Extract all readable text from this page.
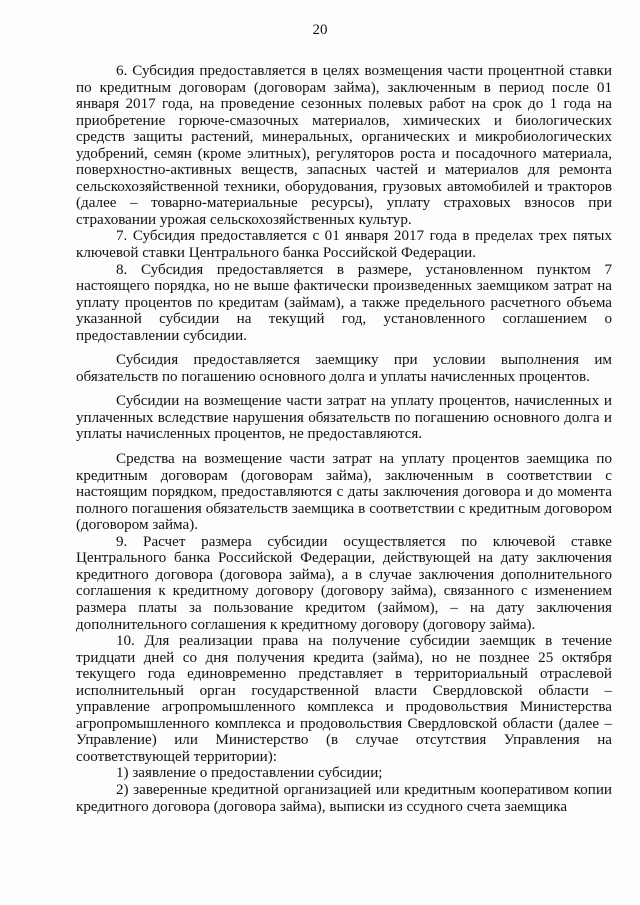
20

6. Субсидия предоставляется в целях возмещения части процентной ставки по кредитным договорам (договорам займа), заключенным в период после 01 января 2017 года, на проведение сезонных полевых работ на срок до 1 года на приобретение горюче-смазочных материалов, химических и биологических средств защиты растений, минеральных, органических и микробиологических удобрений, семян (кроме элитных), регуляторов роста и посадочного материала, поверхностно-активных веществ, запасных частей и материалов для ремонта сельскохозяйственной техники, оборудования, грузовых автомобилей и тракторов (далее – товарно-материальные ресурсы), уплату страховых взносов при страховании урожая сельскохозяйственных культур.

7. Субсидия предоставляется с 01 января 2017 года в пределах трех пятых ключевой ставки Центрального банка Российской Федерации.

8. Субсидия предоставляется в размере, установленном пунктом 7 настоящего порядка, но не выше фактически произведенных заемщиком затрат на уплату процентов по кредитам (займам), а также предельного расчетного объема указанной субсидии на текущий год, установленного соглашением о предоставлении субсидии.

Субсидия предоставляется заемщику при условии выполнения им обязательств по погашению основного долга и уплаты начисленных процентов.

Субсидии на возмещение части затрат на уплату процентов, начисленных и уплаченных вследствие нарушения обязательств по погашению основного долга и уплаты начисленных процентов, не предоставляются.

Средства на возмещение части затрат на уплату процентов заемщика по кредитным договорам (договорам займа), заключенным в соответствии с настоящим порядком, предоставляются с даты заключения договора и до момента полного погашения обязательств заемщика в соответствии с кредитным договором (договором займа).

9. Расчет размера субсидии осуществляется по ключевой ставке Центрального банка Российской Федерации, действующей на дату заключения кредитного договора (договора займа), а в случае заключения дополнительного соглашения к кредитному договору (договору займа), связанного с изменением размера платы за пользование кредитом (займом), – на дату заключения дополнительного соглашения к кредитному договору (договору займа).

10. Для реализации права на получение субсидии заемщик в течение тридцати дней со дня получения кредита (займа), но не позднее 25 октября текущего года единовременно представляет в территориальный отраслевой исполнительный орган государственной власти Свердловской области – управление агропромышленного комплекса и продовольствия Министерства агропромышленного комплекса и продовольствия Свердловской области (далее – Управление) или Министерство (в случае отсутствия Управления на соответствующей территории):

1) заявление о предоставлении субсидии;

2) заверенные кредитной организацией или кредитным кооперативом копии кредитного договора (договора займа), выписки из ссудного счета заемщика
